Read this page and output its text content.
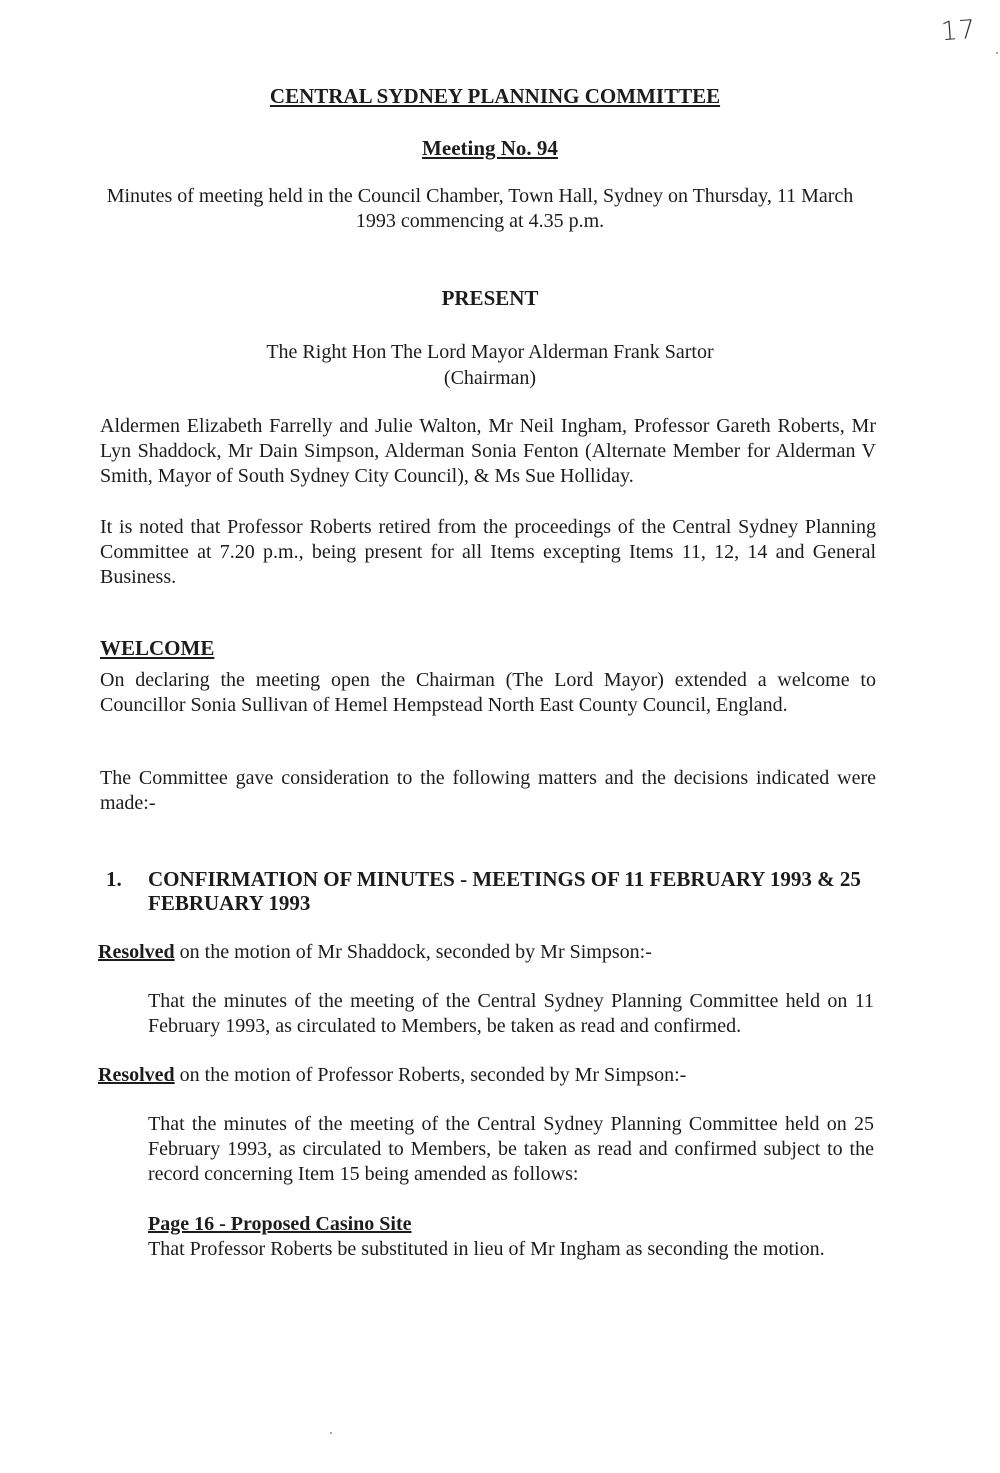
17
CENTRAL SYDNEY PLANNING COMMITTEE
Meeting No. 94
Minutes of meeting held in the Council Chamber, Town Hall, Sydney on Thursday, 11 March 1993 commencing at 4.35 p.m.
PRESENT
The Right Hon The Lord Mayor Alderman Frank Sartor
(Chairman)
Aldermen Elizabeth Farrelly and Julie Walton, Mr Neil Ingham, Professor Gareth Roberts, Mr Lyn Shaddock, Mr Dain Simpson, Alderman Sonia Fenton (Alternate Member for Alderman V Smith, Mayor of South Sydney City Council), & Ms Sue Holliday.
It is noted that Professor Roberts retired from the proceedings of the Central Sydney Planning Committee at 7.20 p.m., being present for all Items excepting Items 11, 12, 14 and General Business.
WELCOME
On declaring the meeting open the Chairman (The Lord Mayor) extended a welcome to Councillor Sonia Sullivan of Hemel Hempstead North East County Council, England.
The Committee gave consideration to the following matters and the decisions indicated were made:-
1. CONFIRMATION OF MINUTES - MEETINGS OF 11 FEBRUARY 1993 & 25 FEBRUARY 1993
Resolved on the motion of Mr Shaddock, seconded by Mr Simpson:-
That the minutes of the meeting of the Central Sydney Planning Committee held on 11 February 1993, as circulated to Members, be taken as read and confirmed.
Resolved on the motion of Professor Roberts, seconded by Mr Simpson:-
That the minutes of the meeting of the Central Sydney Planning Committee held on 25 February 1993, as circulated to Members, be taken as read and confirmed subject to the record concerning Item 15 being amended as follows:
Page 16 - Proposed Casino Site
That Professor Roberts be substituted in lieu of Mr Ingham as seconding the motion.
